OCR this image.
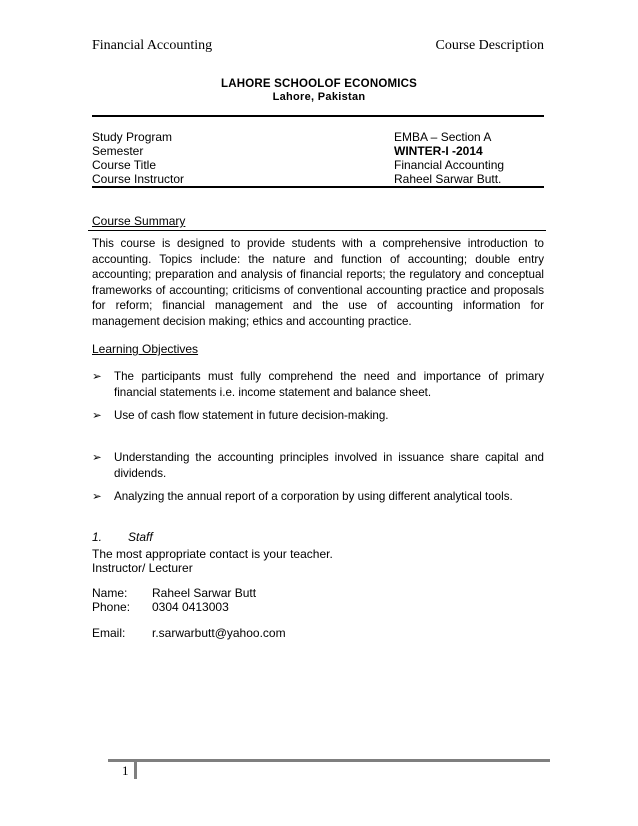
Financial Accounting	Course Description
LAHORE SCHOOLOF ECONOMICS
Lahore, Pakistan
Study Program	EMBA – Section A
Semester	WINTER-I -2014
Course Title	Financial Accounting
Course Instructor	Raheel Sarwar Butt.
Course Summary

This course is designed to provide students with a comprehensive introduction to accounting. Topics include: the nature and function of accounting; double entry accounting; preparation and analysis of financial reports; the regulatory and conceptual frameworks of accounting; criticisms of conventional accounting practice and proposals for reform; financial management and the use of accounting information for management decision making; ethics and accounting practice.

Learning Objectives
➢ The participants must fully comprehend the need and importance of primary financial statements i.e. income statement and balance sheet.
➢ Use of cash flow statement in future decision-making.
➢ Understanding the accounting principles involved in issuance share capital and dividends.
➢ Analyzing the annual report of a corporation by using different analytical tools.
1. Staff
The most appropriate contact is your teacher.
Instructor/ Lecturer
Name: Raheel Sarwar Butt
Phone: 0304 0413003
Email: r.sarwarbutt@yahoo.com
1
